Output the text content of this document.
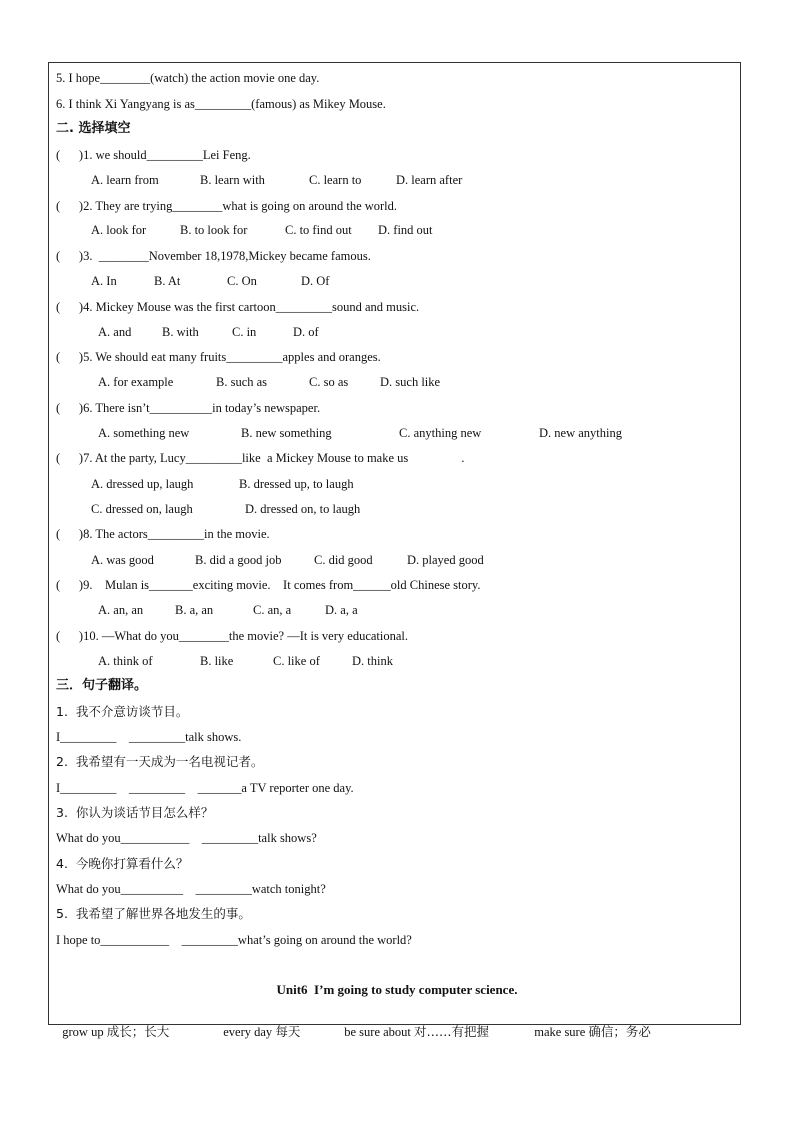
5. I hope________(watch) the action movie one day.
6. I think Xi Yangyang is as_________(famous) as Mikey Mouse.
二. 选择填空
(      )1. we should_________Lei Feng.
A. learn from	B. learn with	C. learn to	D. learn after
(      )2. They are trying________what is going on around the world.
A. look for	B. to look for	C. to find out D. find out
(      )3.  ________November 18,1978,Mickey became famous.
A. In	B. At	C. On	D. Of
(      )4. Mickey Mouse was the first cartoon_________sound and music.
A. and B. with	C. in	D. of
(      )5. We should eat many fruits_________apples and oranges.
A. for example	B. such as	C. so as	D. such like
(      )6. There isn’t__________in today’s newspaper.
A. something new	B. new something	C. anything new	D. new anything
(      )7. At the party, Lucy_________like  a Mickey Mouse to make us                 .
A. dressed up, laugh	B. dressed up, to laugh
C. dressed on, laugh	D. dressed on, to laugh
(      )8. The actors_________in the movie.
A. was good	B. did a good job	C. did good	D. played good
(      )9.    Mulan is_______exciting movie.    It comes from______old Chinese story.
A. an, an	B. a, an	C. an, a	D. a, a
(      )10. —What do you________the movie? —It is very educational.
A. think of	B. like	C. like of	D. think
三．句子翻译。
1.  我不介意访谈节目。
I_________    _________talk shows.
2.  我希望有一天成为一名电视记者。
I_________    _________    _______a TV reporter one day.
3.  你认为谈话节目怎么样？
What do you___________    _________talk shows?
4.  今晚你打算看什么？
What do you__________    _________watch tonight?
5.  我希望了解世界各地发生的事。
I hope to___________    _________what’s going on around the world?
Unit6  I’m going to study computer science.

grow up 成长；长大	every day 每天	be sure about 对……有把握	make sure 确信；务必
